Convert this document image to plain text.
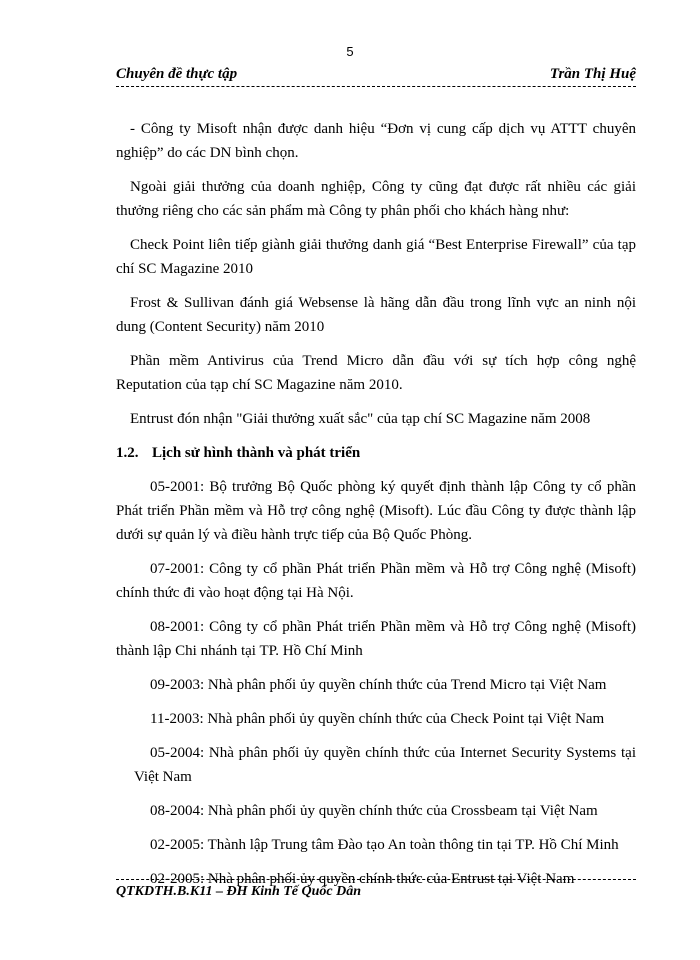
5
Chuyên đề thực tập	Trần Thị Huệ

- Công ty Misoft nhận được danh hiệu “Đơn vị cung cấp dịch vụ ATTT chuyên nghiệp” do các DN bình chọn.

Ngoài giải thưởng của doanh nghiệp, Công ty cũng đạt được rất nhiều các giải thưởng riêng cho các sản phẩm mà Công ty phân phối cho khách hàng như:

Check Point liên tiếp giành giải thưởng danh giá “Best Enterprise Firewall” của tạp chí SC Magazine 2010

Frost & Sullivan đánh giá Websense là hãng dẫn đầu trong lĩnh vực an ninh nội dung (Content Security) năm 2010

Phần mềm Antivirus của Trend Micro dẫn đầu với sự tích hợp công nghệ Reputation của tạp chí SC Magazine năm 2010.

Entrust đón nhận "Giải thưởng xuất sắc" của tạp chí SC Magazine năm 2008

1.2. Lịch sử hình thành và phát triển

05-2001: Bộ trưởng Bộ Quốc phòng ký quyết định thành lập Công ty cổ phần Phát triển Phần mềm và Hỗ trợ công nghệ (Misoft). Lúc đầu Công ty được thành lập dưới sự quản lý và điều hành trực tiếp của Bộ Quốc Phòng.

07-2001: Công ty cổ phần Phát triển Phần mềm và Hỗ trợ Công nghệ (Misoft) chính thức đi vào hoạt động tại Hà Nội.

08-2001: Công ty cổ phần Phát triển Phần mềm và Hỗ trợ Công nghệ (Misoft) thành lập Chi nhánh tại TP. Hồ Chí Minh

09-2003: Nhà phân phối ủy quyền chính thức của Trend Micro tại Việt Nam

11-2003: Nhà phân phối ủy quyền chính thức của Check Point tại Việt Nam

05-2004: Nhà phân phối ủy quyền chính thức của Internet Security Systems tại Việt Nam

08-2004: Nhà phân phối ủy quyền chính thức của Crossbeam tại Việt Nam

02-2005: Thành lập Trung tâm Đào tạo An toàn thông tin tại TP. Hồ Chí Minh

02-2005: Nhà phân phối ủy quyền chính thức của Entrust tại Việt Nam

QTKDTH.B.K11 – ĐH Kinh Tế Quốc Dân
